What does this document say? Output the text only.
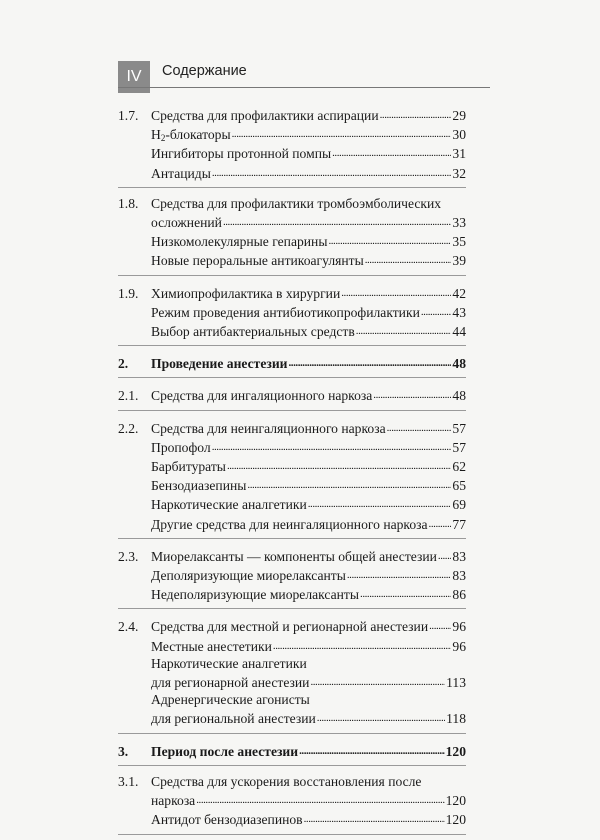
IV	Содержание
1.7. Средства для профилактики аспирации . . .	29
$H_2$-блокаторы . . .	30
Ингибиторы протонной помпы . . .	31
Антациды . . .	32
1.8. Средства для профилактики тромбоэмболических
осложнений . . .	33
Низкомолекулярные гепарины . . .	35
Новые пероральные антикоагулянты . . .	39
1.9. Химиопрофилактика в хирургии . . .	42
Режим проведения антибиотикопрофилактики . . . 43
Выбор антибактериальных средств . . .	44
2.	Проведение анестезии . . .	48
2.1. Средства для ингаляционного наркоза . . .	48
2.2. Средства для неингаляционного наркоза . . .	57
Пропофол . . .	57
Барбитураты . . .	62
Бензодиазепины . . .	65
Наркотические аналгетики . . .	69
Другие средства для неингаляционного наркоза . . . 77
2.3. Миорелаксанты — компоненты общей анестезии . . . 83
Деполяризующие миорелаксанты . . .	83
Недеполяризующие миорелаксанты . . .	86
2.4. Средства для местной и регионарной анестезии . . . 96
Местные анестетики . . .	96
Наркотические аналгетики
для регионарной анестезии . . .	113
Адренергические агонисты
для региональной анестезии . . .	118
3.	Период после анестезии . . .	120
3.1. Средства для ускорения восстановления после
наркоза . . .	120
Антидот бензодиазепинов . . .	120
